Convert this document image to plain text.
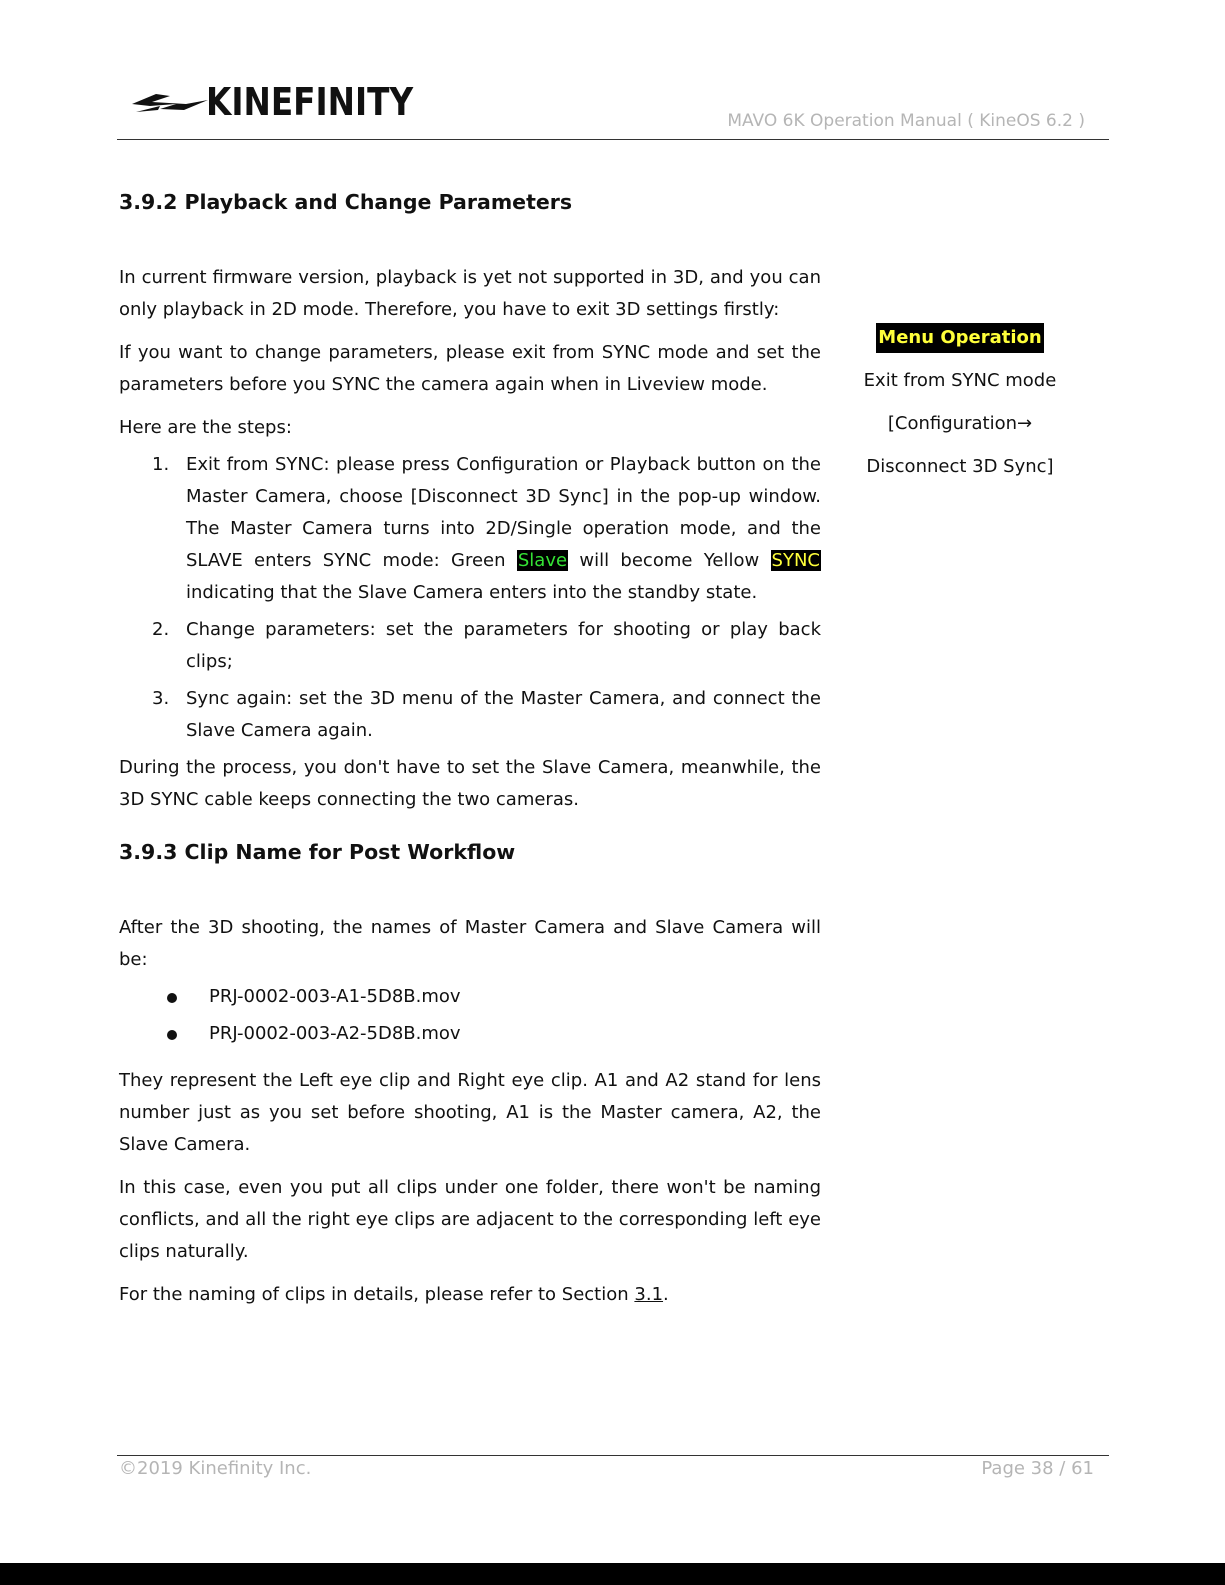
KINEFINITY	MAVO 6K Operation Manual ( KineOS 6.2 )
3.9.2 Playback and Change Parameters

In current firmware version, playback is yet not supported in 3D, and you can only playback in 2D mode. Therefore, you have to exit 3D settings firstly:

If you want to change parameters, please exit from SYNC mode and set the parameters before you SYNC the camera again when in Liveview mode.

Here are the steps:

1. Exit from SYNC: please press Configuration or Playback button on the Master Camera, choose [Disconnect 3D Sync] in the pop-up window. The Master Camera turns into 2D/Single operation mode, and the SLAVE enters SYNC mode: Green Slave will become Yellow SYNC indicating that the Slave Camera enters into the standby state.
2. Change parameters: set the parameters for shooting or play back clips;
3. Sync again: set the 3D menu of the Master Camera, and connect the Slave Camera again.

During the process, you don't have to set the Slave Camera, meanwhile, the 3D SYNC cable keeps connecting the two cameras.

3.9.3 Clip Name for Post Workflow

After the 3D shooting, the names of Master Camera and Slave Camera will be:

PRJ-0002-003-A1-5D8B.mov
PRJ-0002-003-A2-5D8B.mov

They represent the Left eye clip and Right eye clip. A1 and A2 stand for lens number just as you set before shooting, A1 is the Master camera, A2, the Slave Camera.

In this case, even you put all clips under one folder, there won't be naming conflicts, and all the right eye clips are adjacent to the corresponding left eye clips naturally.

For the naming of clips in details, please refer to Section 3.1.

Menu Operation
Exit from SYNC mode
[Configuration→
Disconnect 3D Sync]
©2019 Kinefinity Inc.	Page 38 / 61
